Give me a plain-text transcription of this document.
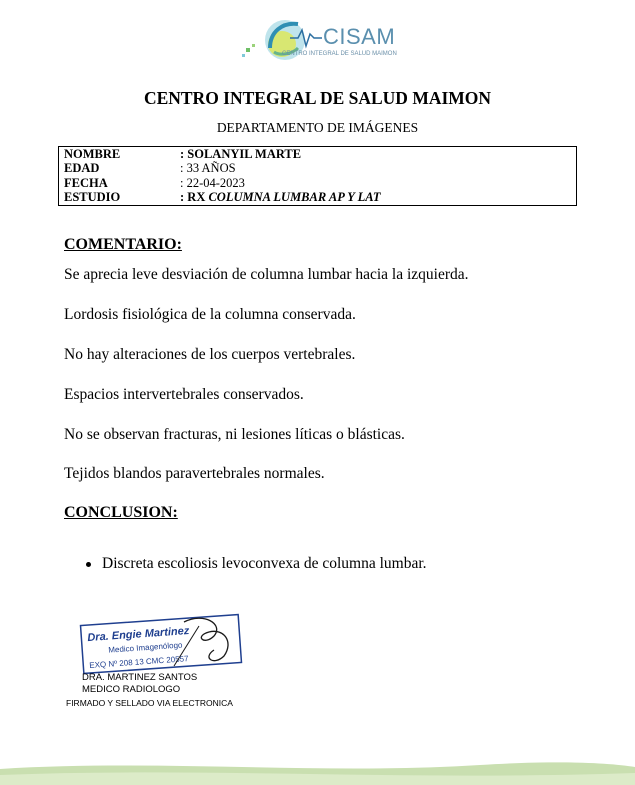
CISAM
CENTRO INTEGRAL DE SALUD MAIMON
CENTRO INTEGRAL DE SALUD MAIMON
DEPARTAMENTO DE IMÁGENES
NOMBRE	: SOLANYIL MARTE
EDAD	: 33 AÑOS
FECHA	: 22-04-2023
ESTUDIO	: RX COLUMNA LUMBAR AP Y LAT
COMENTARIO:
Se aprecia leve desviación de columna lumbar hacia la izquierda.
Lordosis fisiológica de la columna conservada.
No hay alteraciones de los cuerpos vertebrales.
Espacios intervertebrales conservados.
No se observan fracturas, ni lesiones líticas o blásticas.
Tejidos blandos paravertebrales normales.
CONCLUSION:
Discreta escoliosis levoconvexa de columna lumbar.
Dra. Engie Martinez
Medico Imagenólogo
EXQ Nº 208 13 CMC 20557
DRA. MARTINEZ SANTOS
MEDICO RADIOLOGO
FIRMADO Y SELLADO VIA ELECTRONICA
